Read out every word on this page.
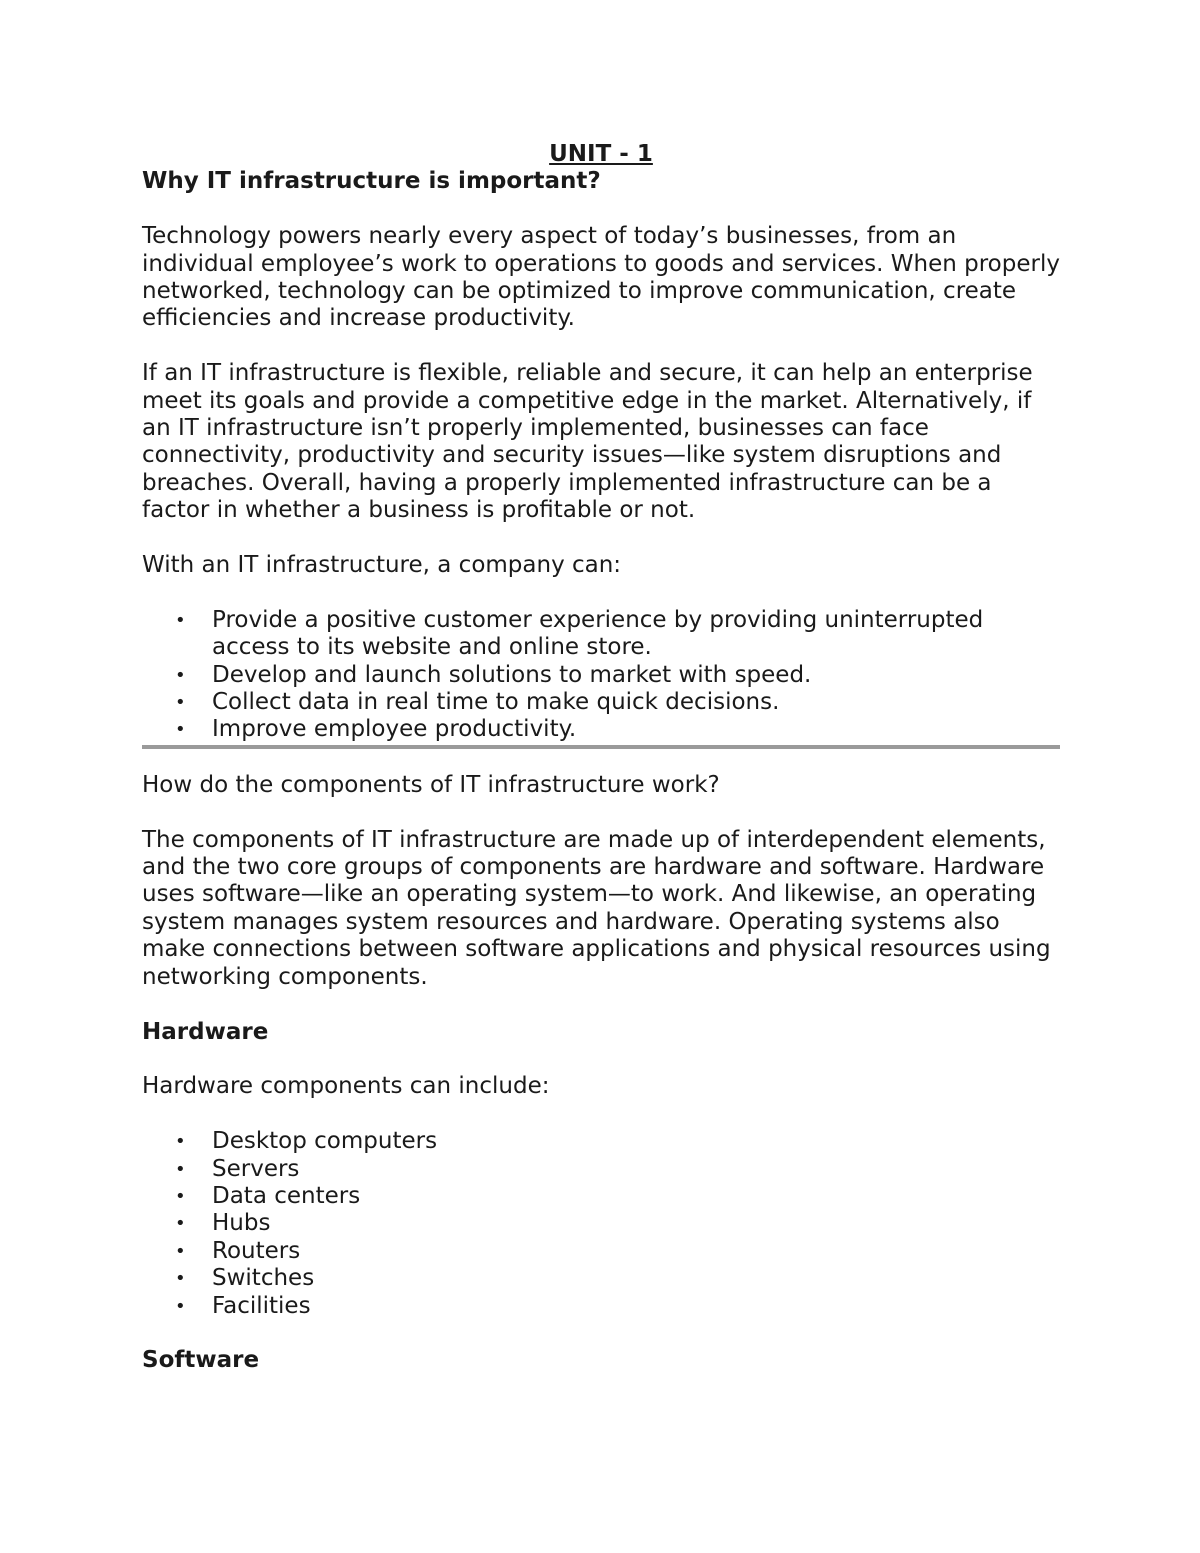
UNIT - 1

Why IT infrastructure is important?

Technology powers nearly every aspect of today’s businesses, from an individual employee’s work to operations to goods and services. When properly networked, technology can be optimized to improve communication, create efficiencies and increase productivity.

If an IT infrastructure is flexible, reliable and secure, it can help an enterprise meet its goals and provide a competitive edge in the market. Alternatively, if an IT infrastructure isn’t properly implemented, businesses can face connectivity, productivity and security issues—like system disruptions and breaches. Overall, having a properly implemented infrastructure can be a factor in whether a business is profitable or not.

With an IT infrastructure, a company can:

• Provide a positive customer experience by providing uninterrupted access to its website and online store.
• Develop and launch solutions to market with speed.
• Collect data in real time to make quick decisions.
• Improve employee productivity.

How do the components of IT infrastructure work?

The components of IT infrastructure are made up of interdependent elements, and the two core groups of components are hardware and software. Hardware uses software—like an operating system—to work. And likewise, an operating system manages system resources and hardware. Operating systems also make connections between software applications and physical resources using networking components.

Hardware

Hardware components can include:

• Desktop computers
• Servers
• Data centers
• Hubs
• Routers
• Switches
• Facilities

Software
